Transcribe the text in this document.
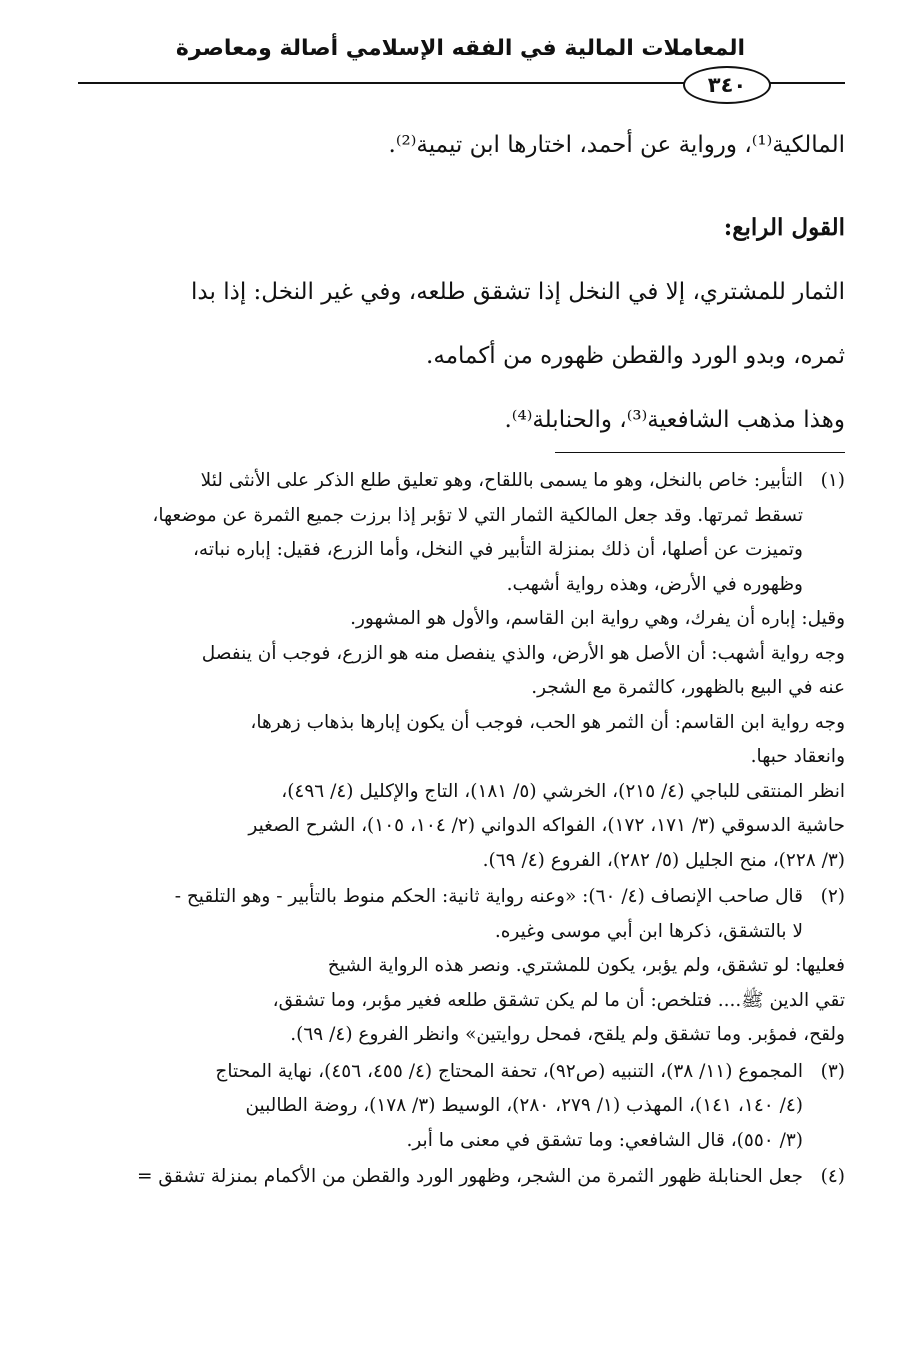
المعاملات المالية في الفقه الإسلامي أصالة ومعاصرة
٣٤٠

المالكية⁽¹⁾، ورواية عن أحمد، اختارها ابن تيمية⁽²⁾.

القول الرابع:

الثمار للمشتري، إلا في النخل إذا تشقق طلعه، وفي غير النخل: إذا بدا

ثمره، وبدو الورد والقطن ظهوره من أكمامه.

وهذا مذهب الشافعية⁽³⁾، والحنابلة⁽⁴⁾.

(١)
التأبير: خاص بالنخل، وهو ما يسمى باللقاح، وهو تعليق طلع الذكر على الأنثى لئلا
تسقط ثمرتها. وقد جعل المالكية الثمار التي لا تؤبر إذا برزت جميع الثمرة عن موضعها،
وتميزت عن أصلها، أن ذلك بمنزلة التأبير في النخل، وأما الزرع، فقيل: إباره نباته،
وظهوره في الأرض، وهذه رواية أشهب.
وقيل: إباره أن يفرك، وهي رواية ابن القاسم، والأول هو المشهور.
وجه رواية أشهب: أن الأصل هو الأرض، والذي ينفصل منه هو الزرع، فوجب أن ينفصل
عنه في البيع بالظهور، كالثمرة مع الشجر.
وجه رواية ابن القاسم: أن الثمر هو الحب، فوجب أن يكون إبارها بذهاب زهرها،
وانعقاد حبها.
انظر المنتقى للباجي (٤/ ٢١٥)، الخرشي (٥/ ١٨١)، التاج والإكليل (٤/ ٤٩٦)،
حاشية الدسوقي (٣/ ١٧١، ١٧٢)، الفواكه الدواني (٢/ ١٠٤، ١٠٥)، الشرح الصغير
(٣/ ٢٢٨)، منح الجليل (٥/ ٢٨٢)، الفروع (٤/ ٦٩).
(٢)
قال صاحب الإنصاف (٤/ ٦٠): «وعنه رواية ثانية: الحكم منوط بالتأبير - وهو التلقيح -
لا بالتشقق، ذكرها ابن أبي موسى وغيره.
فعليها: لو تشقق، ولم يؤبر، يكون للمشتري. ونصر هذه الرواية الشيخ
تقي الدين ﷺ.... فتلخص: أن ما لم يكن تشقق طلعه فغير مؤبر، وما تشقق،
ولقح، فمؤبر. وما تشقق ولم يلقح، فمحل روايتين» وانظر الفروع (٤/ ٦٩).
(٣)
المجموع (١١/ ٣٨)، التنبيه (ص٩٢)، تحفة المحتاج (٤/ ٤٥٥، ٤٥٦)، نهاية المحتاج
(٤/ ١٤٠، ١٤١)، المهذب (١/ ٢٧٩، ٢٨٠)، الوسيط (٣/ ١٧٨)، روضة الطالبين
(٣/ ٥٥٠)، قال الشافعي: وما تشقق في معنى ما أبر.
(٤)
جعل الحنابلة ظهور الثمرة من الشجر، وظهور الورد والقطن من الأكمام بمنزلة تشقق =
